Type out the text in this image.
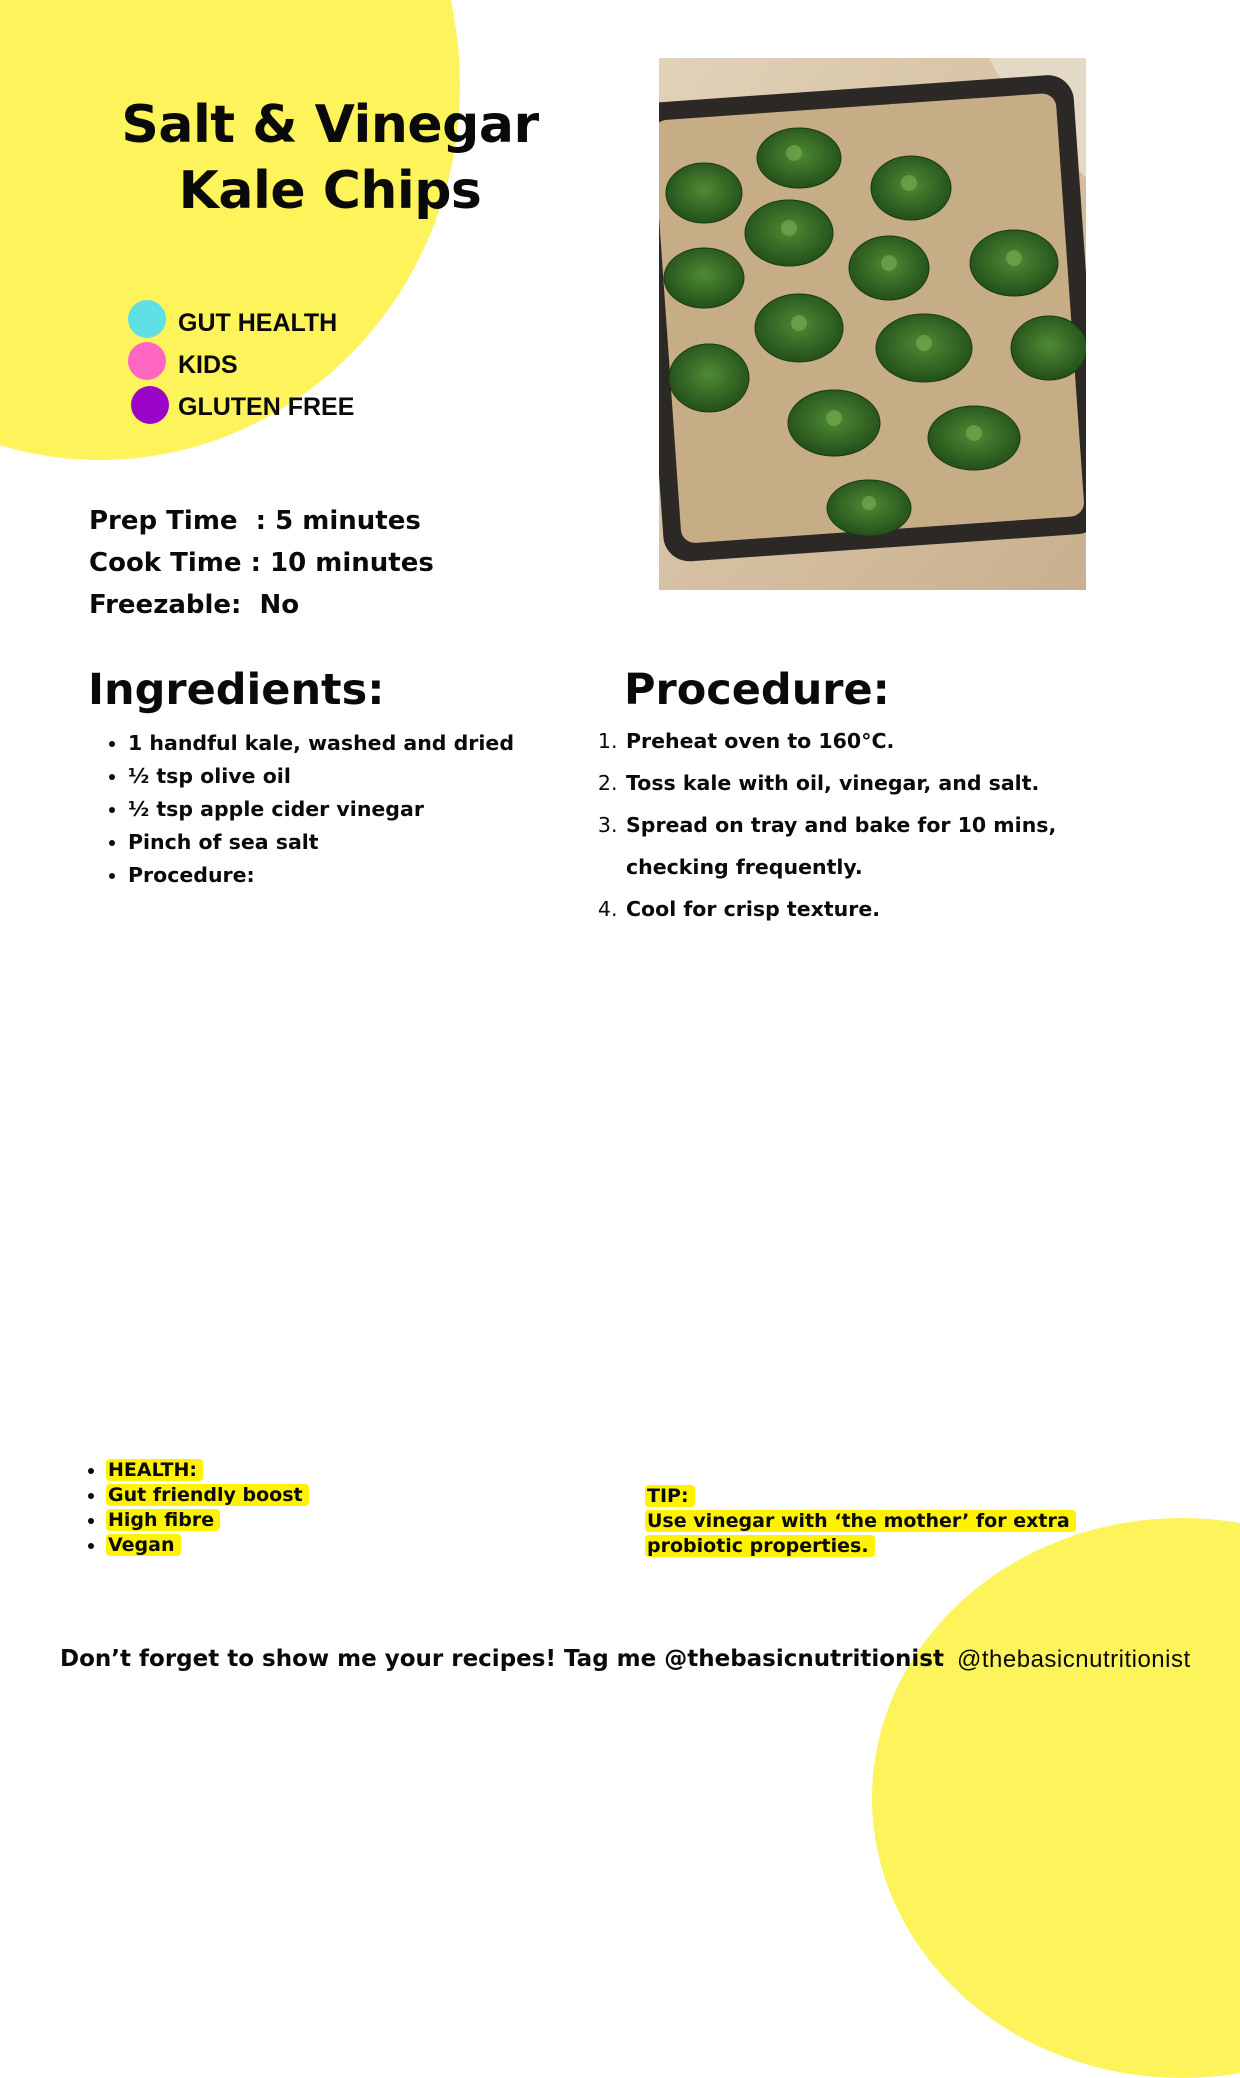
Salt & Vinegar Kale Chips
GUT HEALTH
KIDS
GLUTEN FREE
Prep Time  : 5 minutes
Cook Time : 10 minutes
Freezable:  No
Ingredients:
• 1 handful kale, washed and dried
• ½ tsp olive oil
• ½ tsp apple cider vinegar
• Pinch of sea salt
• Procedure:
Procedure:
1. Preheat oven to 160°C.
2. Toss kale with oil, vinegar, and salt.
3. Spread on tray and bake for 10 mins, checking frequently.
4. Cool for crisp texture.
• HEALTH:
• Gut friendly boost
• High fibre
• Vegan
TIP:
Use vinegar with ‘the mother’ for extra probiotic properties.
Don’t forget to show me your recipes! Tag me @thebasicnutritionist @thebasicnutritionist
